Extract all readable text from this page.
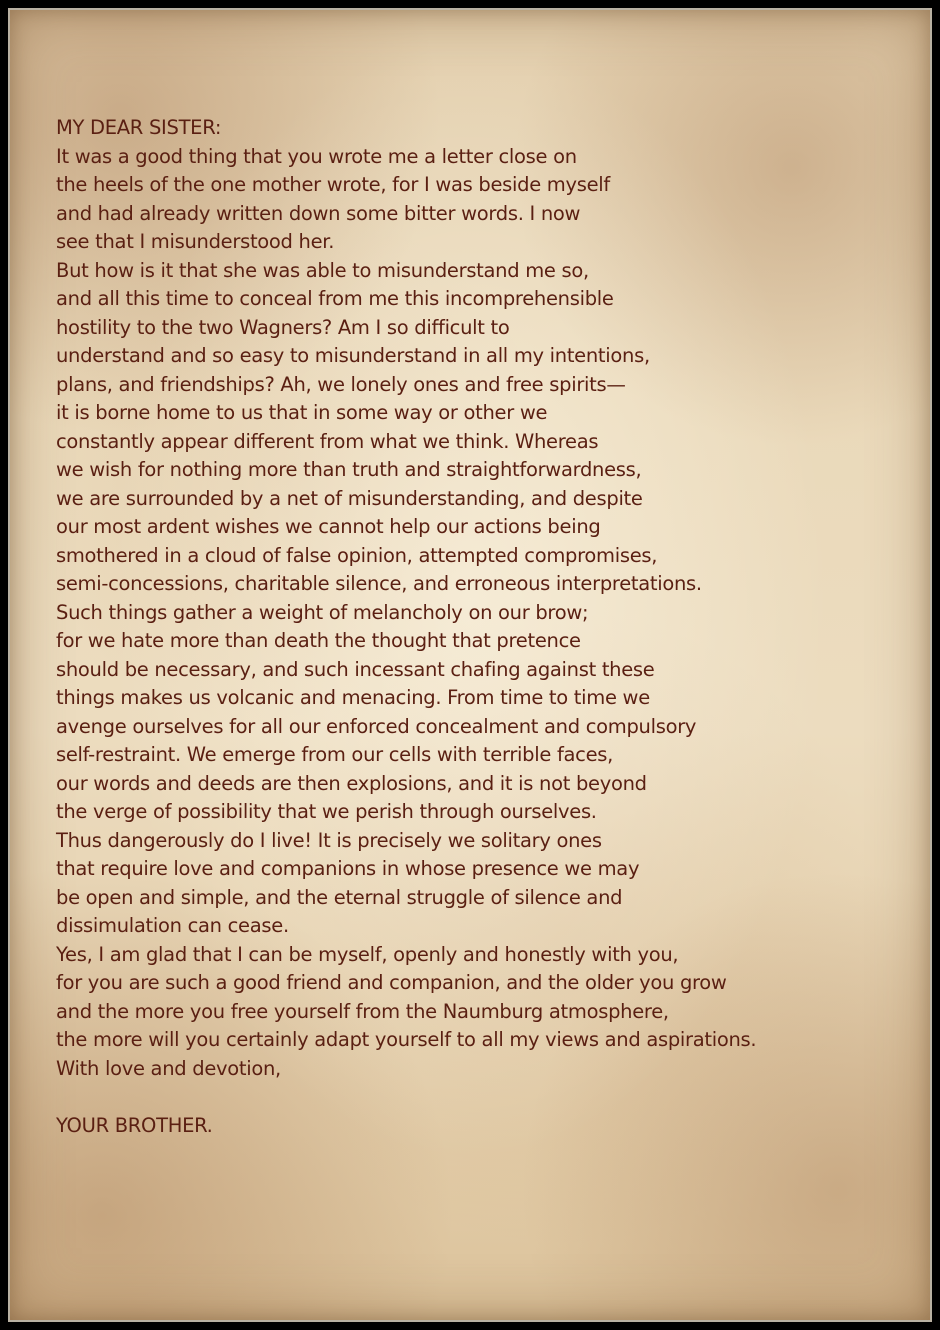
MY DEAR SISTER:
It was a good thing that you wrote me a letter close on
the heels of the one mother wrote, for I was beside myself
and had already written down some bitter words. I now
see that I misunderstood her.
But how is it that she was able to misunderstand me so,
and all this time to conceal from me this incomprehensible
hostility to the two Wagners? Am I so difficult to
understand and so easy to misunderstand in all my intentions,
plans, and friendships? Ah, we lonely ones and free spirits—
it is borne home to us that in some way or other we
constantly appear different from what we think. Whereas
we wish for nothing more than truth and straightforwardness,
we are surrounded by a net of misunderstanding, and despite
our most ardent wishes we cannot help our actions being
smothered in a cloud of false opinion, attempted compromises,
semi-concessions, charitable silence, and erroneous interpretations.
Such things gather a weight of melancholy on our brow;
for we hate more than death the thought that pretence
should be necessary, and such incessant chafing against these
things makes us volcanic and menacing. From time to time we
avenge ourselves for all our enforced concealment and compulsory
self-restraint. We emerge from our cells with terrible faces,
our words and deeds are then explosions, and it is not beyond
the verge of possibility that we perish through ourselves.
Thus dangerously do I live! It is precisely we solitary ones
that require love and companions in whose presence we may
be open and simple, and the eternal struggle of silence and
dissimulation can cease.
Yes, I am glad that I can be myself, openly and honestly with you,
for you are such a good friend and companion, and the older you grow
and the more you free yourself from the Naumburg atmosphere,
the more will you certainly adapt yourself to all my views and aspirations.
With love and devotion,
YOUR BROTHER.
